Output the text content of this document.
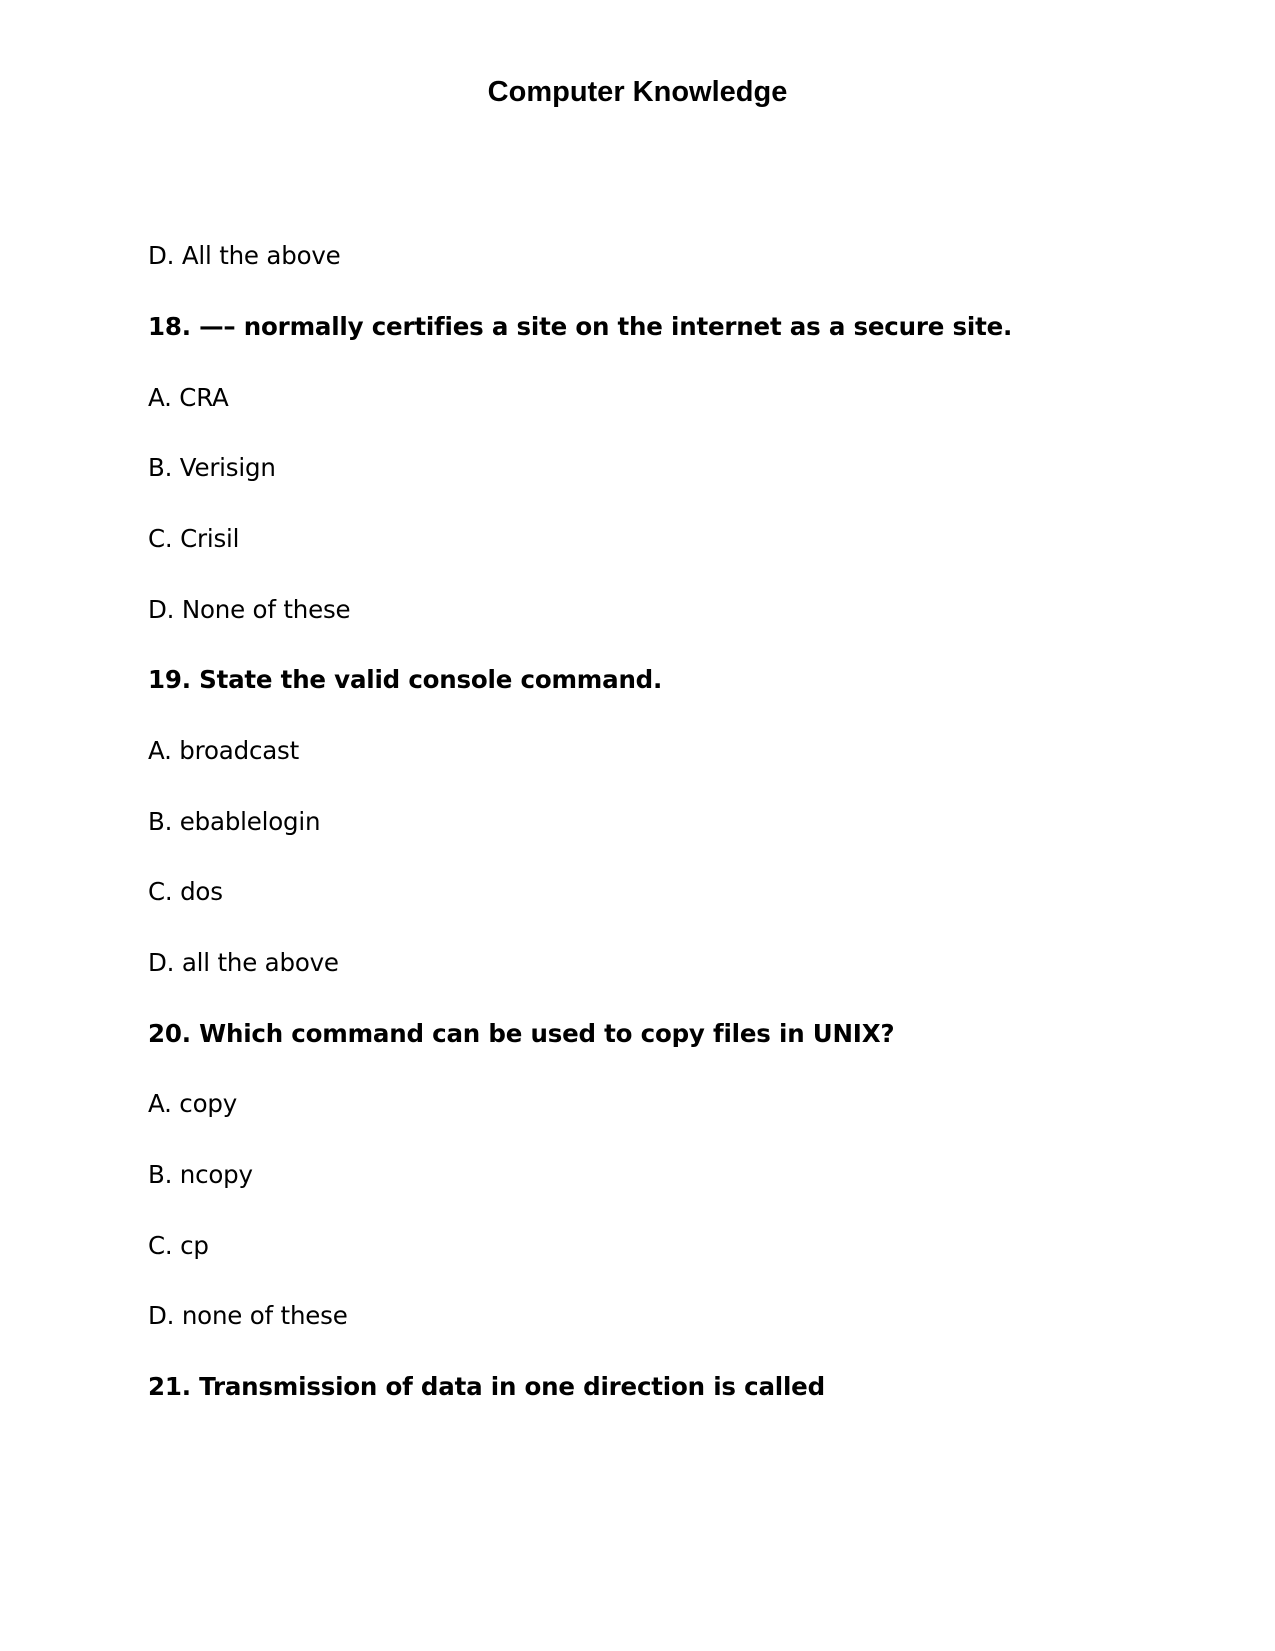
Computer Knowledge
D. All the above
18. —– normally certifies a site on the internet as a secure site.
A. CRA
B. Verisign
C. Crisil
D. None of these
19. State the valid console command.
A. broadcast
B. ebablelogin
C. dos
D. all the above
20. Which command can be used to copy files in UNIX?
A. copy
B. ncopy
C. cp
D. none of these
21. Transmission of data in one direction is called
